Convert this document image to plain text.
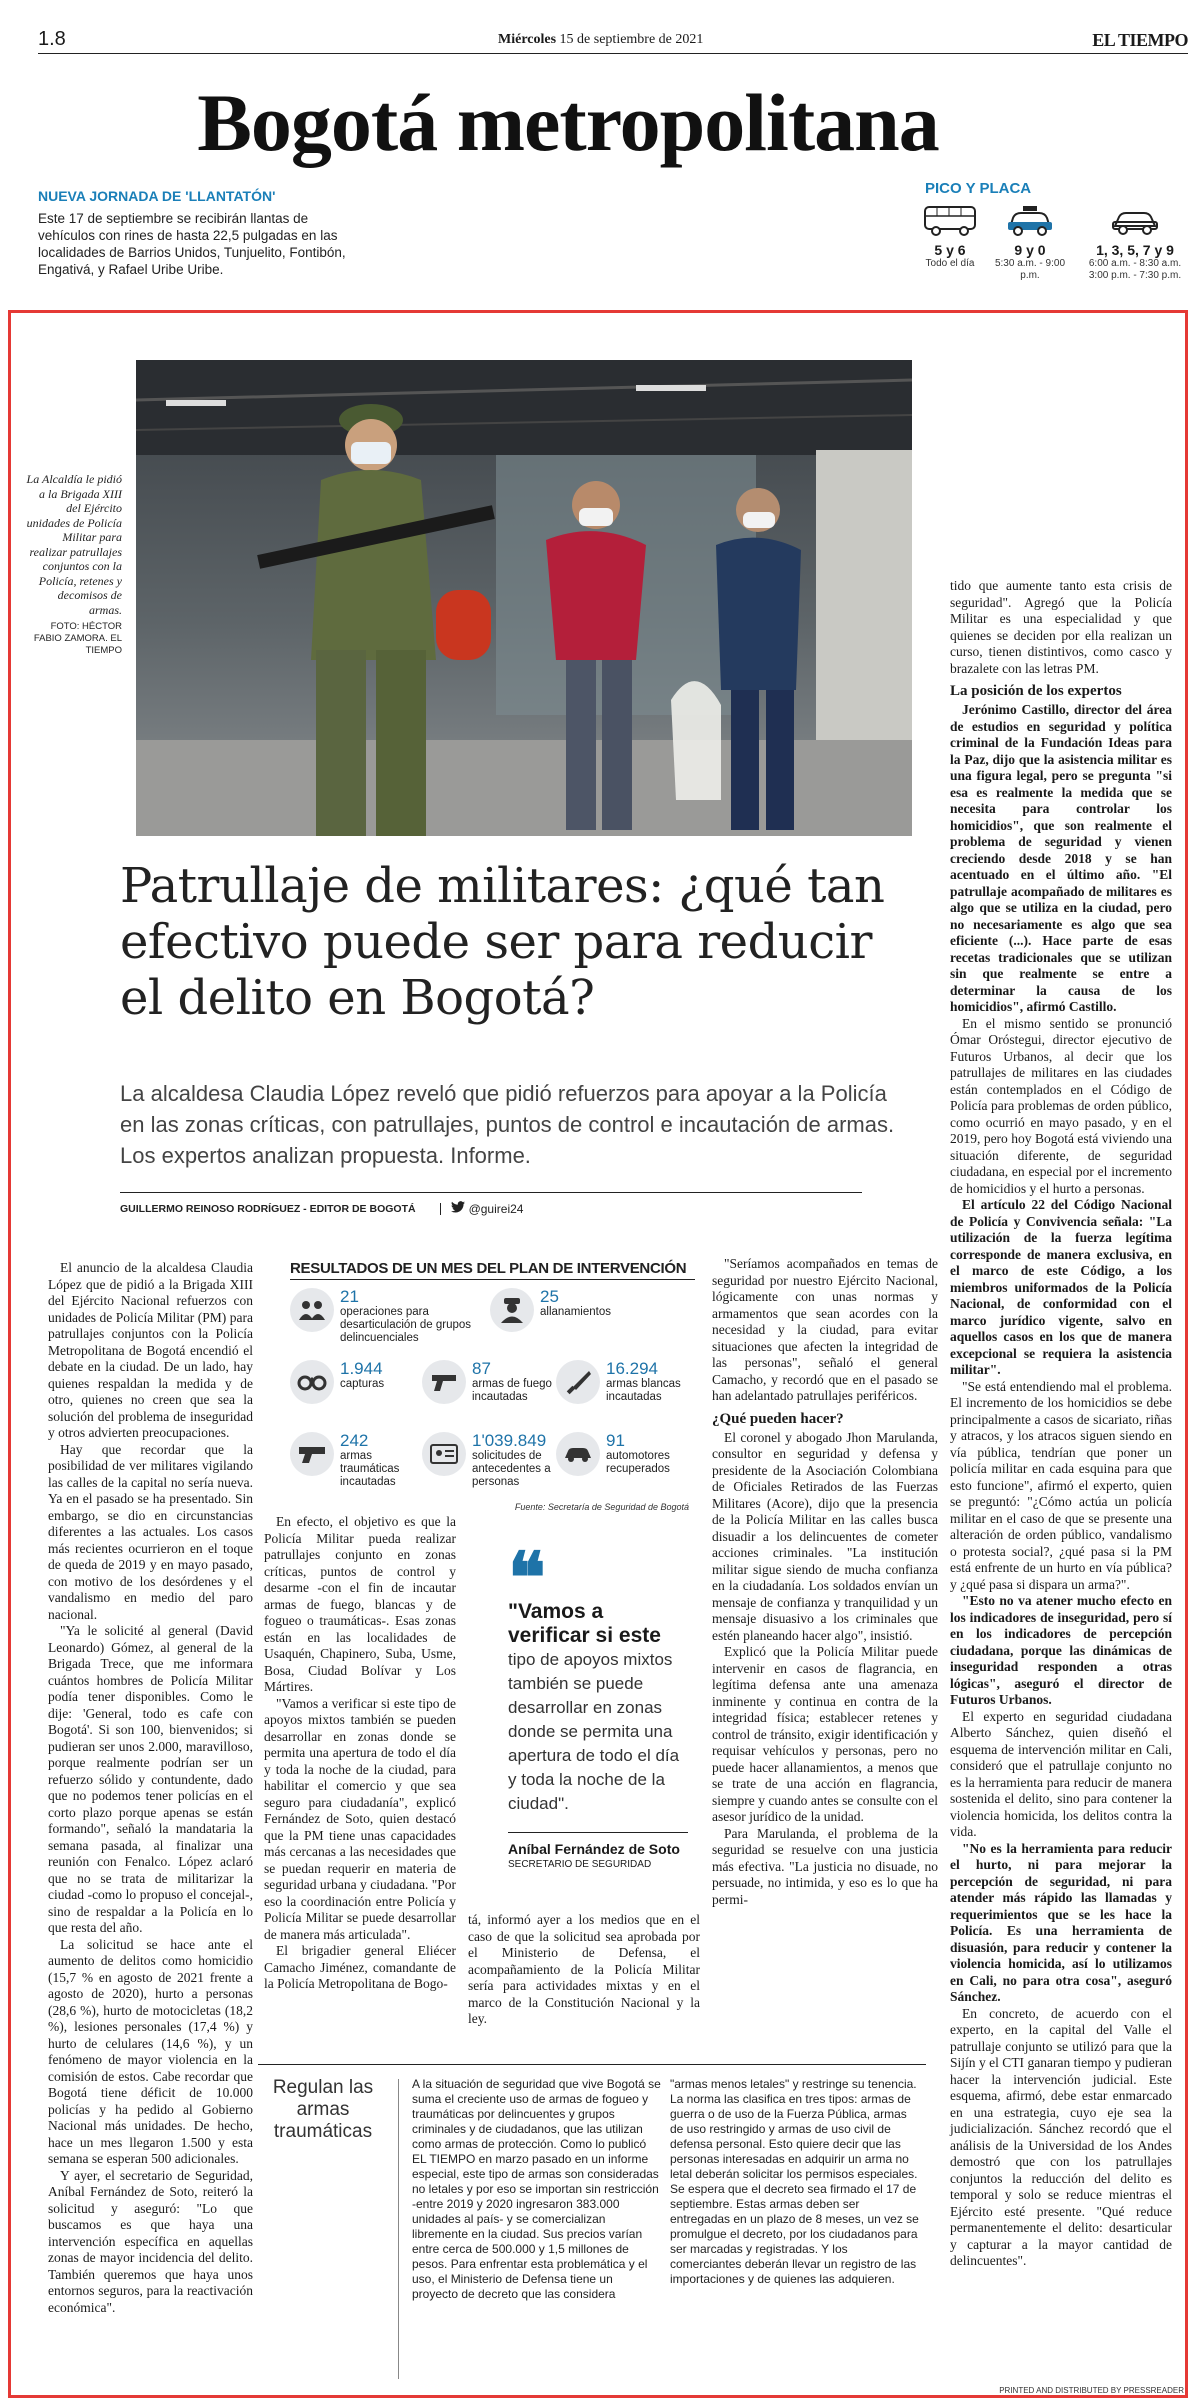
1.8	Miércoles 15 de septiembre de 2021	EL TIEMPO
Bogotá metropolitana
NUEVA JORNADA DE 'LLANTATÓN'
Este 17 de septiembre se recibirán llantas de vehículos con rines de hasta 22,5 pulgadas en las localidades de Barrios Unidos, Tunjuelito, Fontibón, Engativá, y Rafael Uribe Uribe.
PICO Y PLACA
5 y 6
Todo el día
9 y 0
5:30 a.m. - 9:00 p.m.
1, 3, 5, 7 y 9
6:00 a.m. - 8:30 a.m.
3:00 p.m. - 7:30 p.m.
La Alcaldía le pidió a la Brigada XIII del Ejército unidades de Policía Militar para realizar patrullajes conjuntos con la Policía, retenes y decomisos de armas.
FOTO: HÉCTOR FABIO ZAMORA. EL TIEMPO
Patrullaje de militares: ¿qué tan efectivo puede ser para reducir el delito en Bogotá?
La alcaldesa Claudia López reveló que pidió refuerzos para apoyar a la Policía en las zonas críticas, con patrullajes, puntos de control e incautación de armas. Los expertos analizan propuesta. Informe.
GUILLERMO REINOSO RODRÍGUEZ - EDITOR DE BOGOTÁ	@guirei24

El anuncio de la alcaldesa Claudia López que de pidió a la Brigada XIII del Ejército Nacional refuerzos con unidades de Policía Militar (PM) para patrullajes conjuntos con la Policía Metropolitana de Bogotá encendió el debate en la ciudad. De un lado, hay quienes respaldan la medida y de otro, quienes no creen que sea la solución del problema de inseguridad y otros advierten preocupaciones.

Hay que recordar que la posibilidad de ver militares vigilando las calles de la capital no sería nueva. Ya en el pasado se ha presentado. Sin embargo, se dio en circunstancias diferentes a las actuales. Los casos más recientes ocurrieron en el toque de queda de 2019 y en mayo pasado, con motivo de los desórdenes y el vandalismo en medio del paro nacional.

"Ya le solicité al general (David Leonardo) Gómez, al general de la Brigada Trece, que me informara cuántos hombres de Policía Militar podía tener disponibles. Como le dije: 'General, todo es cafe con Bogotá'. Si son 100, bienvenidos; si pudieran ser unos 2.000, maravilloso, porque realmente podrían ser un refuerzo sólido y contundente, dado que no podemos tener policías en el corto plazo porque apenas se están formando", señaló la mandataria la semana pasada, al finalizar una reunión con Fenalco. López aclaró que no se trata de militarizar la ciudad -como lo propuso el concejal-, sino de respaldar a la Policía en lo que resta del año.

La solicitud se hace ante el aumento de delitos como homicidio (15,7 % en agosto de 2021 frente a agosto de 2020), hurto a personas (28,6 %), hurto de motocicletas (18,2 %), lesiones personales (17,4 %) y hurto de celulares (14,6 %), y un fenómeno de mayor violencia en la comisión de estos. Cabe recordar que Bogotá tiene déficit de 10.000 policías y ha pedido al Gobierno Nacional más unidades. De hecho, hace un mes llegaron 1.500 y esta semana se esperan 500 adicionales.

Y ayer, el secretario de Seguridad, Aníbal Fernández de Soto, reiteró la solicitud y aseguró: "Lo que buscamos es que haya una intervención específica en aquellas zonas de mayor incidencia del delito. También queremos que haya unos entornos seguros, para la reactivación económica".

RESULTADOS DE UN MES DEL PLAN DE INTERVENCIÓN
21
operaciones para desarticulación de grupos delincuenciales
25
allanamientos
1.944
capturas
87
armas de fuego incautadas
16.294
armas blancas incautadas
242
armas traumáticas incautadas
1'039.849
solicitudes de antecedentes a personas
91
automotores recuperados
Fuente: Secretaría de Seguridad de Bogotá

En efecto, el objetivo es que la Policía Militar pueda realizar patrullajes conjunto en zonas críticas, puntos de control y desarme -con el fin de incautar armas de fuego, blancas y de fogueo o traumáticas-. Esas zonas están en las localidades de Usaquén, Chapinero, Suba, Usme, Bosa, Ciudad Bolívar y Los Mártires.

"Vamos a verificar si este tipo de apoyos mixtos también se pueden desarrollar en zonas donde se permita una apertura de todo el día y toda la noche de la ciudad, para habilitar el comercio y que sea seguro para ciudadanía", explicó Fernández de Soto, quien destacó que la PM tiene unas capacidades más cercanas a las necesidades que se puedan requerir en materia de seguridad urbana y ciudadana. "Por eso la coordinación entre Policía y Policía Militar se puede desarrollar de manera más articulada".

El brigadier general Eliécer Camacho Jiménez, comandante de la Policía Metropolitana de Bogo-

❝
"Vamos a verificar si este
tipo de apoyos mixtos también se puede desarrollar en zonas donde se permita una apertura de todo el día y toda la noche de la ciudad".
Aníbal Fernández de Soto
SECRETARIO DE SEGURIDAD

tá, informó ayer a los medios que en el caso de que la solicitud sea aprobada por el Ministerio de Defensa, el acompañamiento de la Policía Militar sería para actividades mixtas y en el marco de la Constitución Nacional y la ley.

"Seríamos acompañados en temas de seguridad por nuestro Ejército Nacional, lógicamente con unas normas y armamentos que sean acordes con la necesidad y la ciudad, para evitar situaciones que afecten la integridad de las personas", señaló el general Camacho, y recordó que en el pasado se han adelantado patrullajes periféricos.

¿Qué pueden hacer?

El coronel y abogado Jhon Marulanda, consultor en seguridad y defensa y presidente de la Asociación Colombiana de Oficiales Retirados de las Fuerzas Militares (Acore), dijo que la presencia de la Policía Militar en las calles busca disuadir a los delincuentes de cometer acciones criminales. "La institución militar sigue siendo de mucha confianza en la ciudadanía. Los soldados envían un mensaje de confianza y tranquilidad y un mensaje disuasivo a los criminales que estén planeando hacer algo", insistió.

Explicó que la Policía Militar puede intervenir en casos de flagrancia, en legítima defensa ante una amenaza inminente y continua en contra de la integridad física; establecer retenes y control de tránsito, exigir identificación y requisar vehículos y personas, pero no puede hacer allanamientos, a menos que se trate de una acción en flagrancia, siempre y cuando antes se consulte con el asesor jurídico de la unidad.

Para Marulanda, el problema de la seguridad se resuelve con una justicia más efectiva. "La justicia no disuade, no persuade, no intimida, y eso es lo que ha permi-

tido que aumente tanto esta crisis de seguridad". Agregó que la Policía Militar es una especialidad y que quienes se deciden por ella realizan un curso, tienen distintivos, como casco y brazalete con las letras PM.

La posición de los expertos

Jerónimo Castillo, director del área de estudios en seguridad y política criminal de la Fundación Ideas para la Paz, dijo que la asistencia militar es una figura legal, pero se pregunta "si esa es realmente la medida que se necesita para controlar los homicidios", que son realmente el problema de seguridad y vienen creciendo desde 2018 y se han acentuado en el último año. "El patrullaje acompañado de militares es algo que se utiliza en la ciudad, pero no necesariamente es algo que sea eficiente (...). Hace parte de esas recetas tradicionales que se utilizan sin que realmente se entre a determinar la causa de los homicidios", afirmó Castillo.

En el mismo sentido se pronunció Ómar Oróstegui, director ejecutivo de Futuros Urbanos, al decir que los patrullajes de militares en las ciudades están contemplados en el Código de Policía para problemas de orden público, como ocurrió en mayo pasado, y en el 2019, pero hoy Bogotá está viviendo una situación diferente, de seguridad ciudadana, en especial por el incremento de homicidios y el hurto a personas.

El artículo 22 del Código Nacional de Policía y Convivencia señala: "La utilización de la fuerza legítima corresponde de manera exclusiva, en el marco de este Código, a los miembros uniformados de la Policía Nacional, de conformidad con el marco jurídico vigente, salvo en aquellos casos en los que de manera excepcional se requiera la asistencia militar".

"Se está entendiendo mal el problema. El incremento de los homicidios se debe principalmente a casos de sicariato, riñas y atracos, y los atracos siguen siendo en vía pública, tendrían que poner un policía militar en cada esquina para que esto funcione", afirmó el experto, quien se preguntó: "¿Cómo actúa un policía militar en el caso de que se presente una alteración de orden público, vandalismo o protesta social?, ¿qué pasa si la PM está enfrente de un hurto en vía pública? y ¿qué pasa si dispara un arma?".

"Esto no va atener mucho efecto en los indicadores de inseguridad, pero sí en los indicadores de percepción ciudadana, porque las dinámicas de inseguridad responden a otras lógicas", aseguró el director de Futuros Urbanos.

El experto en seguridad ciudadana Alberto Sánchez, quien diseñó el esquema de intervención militar en Cali, consideró que el patrullaje conjunto no es la herramienta para reducir de manera sostenida el delito, sino para contener la violencia homicida, los delitos contra la vida.

"No es la herramienta para reducir el hurto, ni para mejorar la percepción de seguridad, ni para atender más rápido las llamadas y requerimientos que se les hace la Policía. Es una herramienta de disuasión, para reducir y contener la violencia homicida, así lo utilizamos en Cali, no para otra cosa", aseguró Sánchez.

En concreto, de acuerdo con el experto, en la capital del Valle el patrullaje conjunto se utilizó para que la Sijín y el CTI ganaran tiempo y pudieran hacer la intervención judicial. Este esquema, afirmó, debe estar enmarcado en una estrategia, cuyo eje sea la judicialización. Sánchez recordó que el análisis de la Universidad de los Andes demostró que con los patrullajes conjuntos la reducción del delito es temporal y solo se reduce mientras el Ejército esté presente. "Qué reduce permanentemente el delito: desarticular y capturar a la mayor cantidad de delincuentes".

Regulan las armas traumáticas
A la situación de seguridad que vive Bogotá se suma el creciente uso de armas de fogueo y traumáticas por delincuentes y grupos criminales y de ciudadanos, que las utilizan como armas de protección. Como lo publicó EL TIEMPO en marzo pasado en un informe especial, este tipo de armas son consideradas no letales y por eso se importan sin restricción -entre 2019 y 2020 ingresaron 383.000 unidades al país- y se comercializan libremente en la ciudad. Sus precios varían entre cerca de 500.000 y 1,5 millones de pesos. Para enfrentar esta problemática y el uso, el Ministerio de Defensa tiene un proyecto de decreto que las considera
"armas menos letales" y restringe su tenencia. La norma las clasifica en tres tipos: armas de guerra o de uso de la Fuerza Pública, armas de uso restringido y armas de uso civil de defensa personal. Esto quiere decir que las personas interesadas en adquirir un arma no letal deberán solicitar los permisos especiales. Se espera que el decreto sea firmado el 17 de septiembre. Estas armas deben ser entregadas en un plazo de 8 meses, un vez se promulgue el decreto, por los ciudadanos para ser marcadas y registradas. Y los comerciantes deberán llevar un registro de las importaciones y de quienes las adquieren.
PRINTED AND DISTRIBUTED BY PRESSREADER
